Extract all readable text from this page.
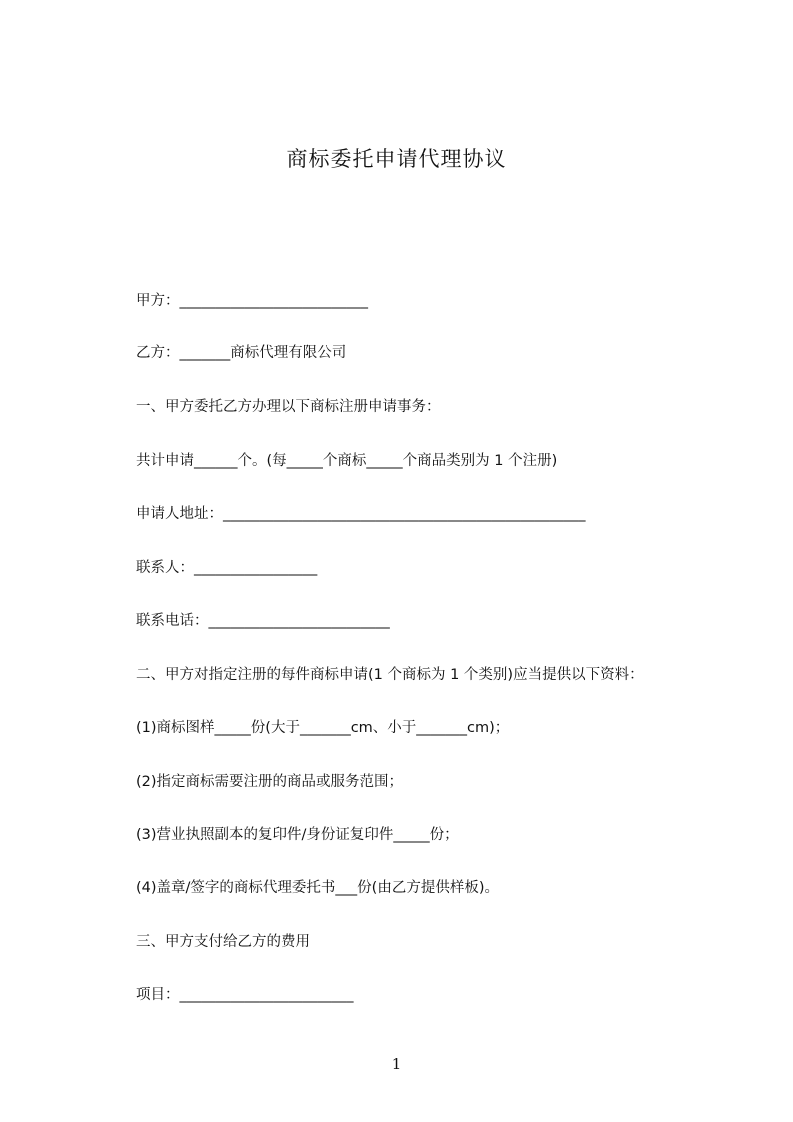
商标委托申请代理协议
甲方：__________________________
乙方：_______商标代理有限公司
一、甲方委托乙方办理以下商标注册申请事务：
共计申请______个。(每_____个商标_____个商品类别为 1 个注册)
申请人地址：__________________________________________________
联系人：_________________
联系电话：_________________________
二、甲方对指定注册的每件商标申请(1 个商标为 1 个类别)应当提供以下资料：
(1)商标图样_____份(大于_______cm、小于_______cm)；
(2)指定商标需要注册的商品或服务范围；
(3)营业执照副本的复印件/身份证复印件_____份；
(4)盖章/签字的商标代理委托书___份(由乙方提供样板)。
三、甲方支付给乙方的费用
项目：________________________
1
